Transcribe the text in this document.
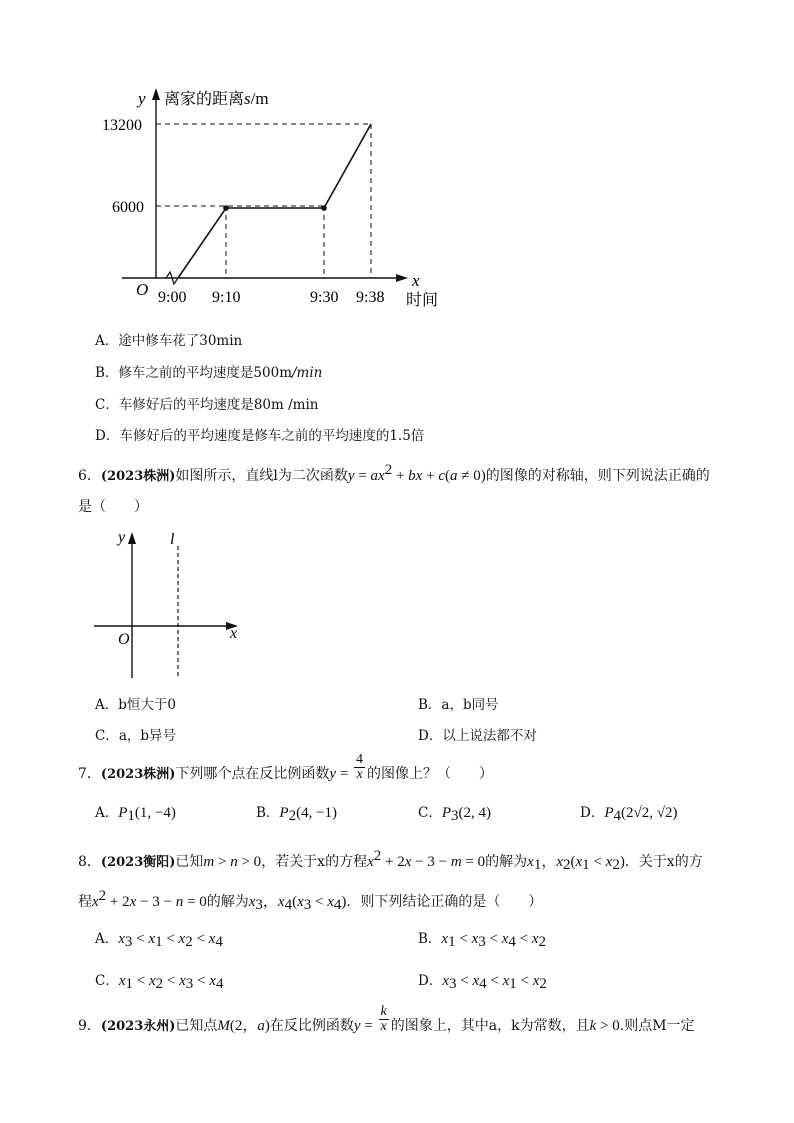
y 离家的距离s/m
13200
6000
O 9:00 9:10	9:30 9:38
x
时间
A．途中修车花了30min
B．修车之前的平均速度是500m/min
C．车修好后的平均速度是80m /min
D．车修好后的平均速度是修车之前的平均速度的1.5倍
6．(2023株洲)如图所示，直线l为二次函数$y = ax^2$ + bx + c(a ≠ 0)的图像的对称轴，则下列说法正确的
是（　　）
y	l
O	x
A．b恒大于0	B．a，b同号
C．a，b异号	D．以上说法都不对
7．(2023株洲)下列哪个点在反比例函数$y = \frac{4}{x}$ 的图像上？（　　）
A．$P_1(1$, −4)	B．$P_2(4$, −1)	C．$P_3(2$, 4)	D．$P_4(2√2$, √2)
8．(2023衡阳)已知m > n > 0，若关于x的方程$x^2 + 2x - 3 - m = 0$的解为$x_1$，$x_2(x_1 < x_2)$．关于x的方
程$x^2 + 2x - 3 - n = 0$的解为$x_3$，$x_4(x_3 < x_4)$．则下列结论正确的是（　　）
A．$x_3 < x_1 < x_2 < x_4$	B．$x_1 < x_3 < x_4 < x_2$
C．$x_1 < x_2 < x_3 < x_4$	D．$x_3 < x_4 < x_1 < x_2$
9．(2023永州)已知点M(2，a)在反比例函数$y = \frac{k}{x}$ 的图象上，其中a，k为常数，且k > 0.则点M一定
